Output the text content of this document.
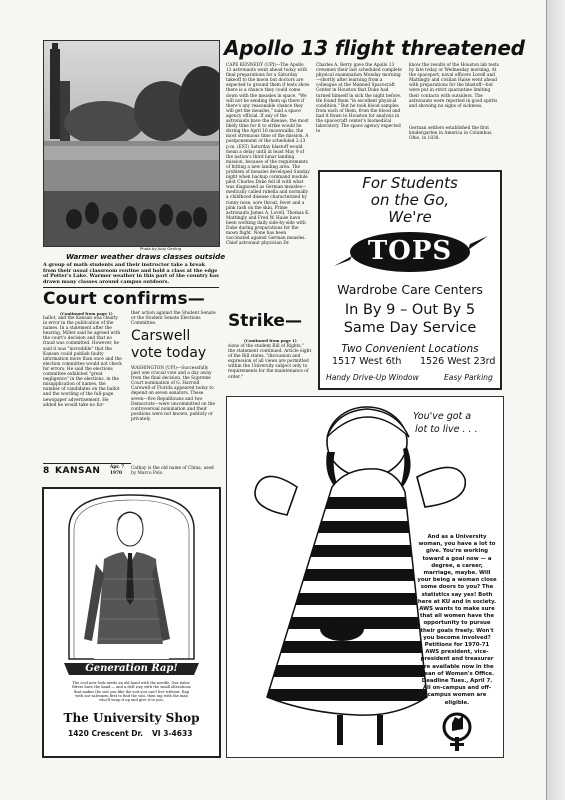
Photo by Judy Gerling
Warmer weather draws classes outside
A group of math students and their instructor take a break from their usual classroom routine and hold a class at the edge of Potter's Lake. Warmer weather in this part of the country has drawn many classes around campus outdoors.
Apollo 13 flight threatened
CAPE KENNEDY (UPI)—The Apollo 13 astronauts went ahead today with final preparations for a Saturday takeoff to the moon but doctors are expected to ground them if tests show there is a chance they could come down with the measles in space. "We will not be sending them up there if there's any reasonable chance they will get the measles," said a space agency official. If any of the astronauts have the disease, the most likely time for it to strike would be during the April 16 moonwalks, the most strenuous time of the mission. A postponement of the scheduled 2:13 p.m. (EST) Saturday blastoff would mean a delay until at least May 9 of the nation's third lunar landing mission, because of the requirements of hitting a new landing area. The problem of measles developed Sunday night when backup command module pilot Charles Duke fell ill with what was diagnosed as German measles—medically called rubella and normally a childhood disease characterized by runny nose, sore throat, fever and a pink rash on the skin. Prime astronauts James A. Lovell, Thomas K. Mattingly and Fred W. Haise have been working daily side-by-side with Duke during preparations for the moon flight. None has been vaccinated against German measles. Chief astronaut physician Dr.
Charles A. Berry gave the Apollo 13 crewmen their last scheduled complete physical examination Monday morning—shortly after learning from a colleague at the Manned Spacecraft Center in Houston that Duke had turned himself in sick the night before. He found them "in excellent physical condition." But he took blood samples from each of them, from the blood and had it flown to Houston for analysis in the spacecraft center's biomedical laboratory. The space agency expected to
know the results of the Houston lab tests by late today or Wednesday morning. At the spaceport, naval officers Lovell and Mattingly and civilian Haise went ahead with preparations for the blastoff—but were put in strict quarantine limiting their contacts with outsiders. The astronauts were reported in good spirits and showing no signs of sickness.
German settlers established the first kindergarten in America in Columbus, Ohio, in 1838.
For Students
on the Go,
We're
TOPS
Wardrobe Care Centers
In By 9 – Out By 5
Same Day Service
Two Convenient Locations
1517 West 6th 1526 West 23rd
Handy Drive-Up Window	Easy Parking
Court confirms—
(Continued from page 1)
ballot, and the Kansan was clearly in error in the publication of the names. In a statement after the hearing, Miller said he agreed with the court's decision and that no fraud was committed. However, he said it was "incredible" that the Kansan could publish faulty information more than once and the election committee would not check for errors. He said the elections committee exhibited "great negligence" in the elections, in the misapplication of names, the number of candidates on the ballot and the wording of the full-page newspaper advertisement. He added he would take no fur-
ther action against the Student Senate or the Student Senate Elections Committee.
Carswell
vote today
WASHINGTON (UPI)—Successfully past one crucial vote and a day away from the final decision, the Supreme Court nomination of G. Harrold Carswell of Florida appeared today to depend on seven senators. These seven—five Republicans and two Democrats—were uncommitted on the controversial nomination and their positions were not known, publicly or privately.
Strike—
(Continued from page 1)
sions of the student Bill of Rights," the statement continued. Article eight of the Bill states, "discussion and expression of all views are permitted within the University subject only to requirements for the maintenance of order."
8 KANSAN Apr. 7
1970
Cathay is the old name of China, used by Marco Polo.
Generation Rap!
The cool new look needs an old hand with the needle. Our tailor-fitters have the hand — and a deft way with the small alterations that makes the suit you like the suit you can't live without. Rap with our salesmen first to find the suit, then rap with the man who'll wrap it up and give it to you.
The University Shop
1420 Crescent Dr. VI 3-4633
You've got a
lot to live . . .
And as a University woman, you have a lot to give. You're working toward a goal now — a degree, a career, marriage, maybe. Will your being a woman close some doors to you? The statistics say yes! Both here at KU and in society. AWS wants to make sure that all women have the opportunity to pursue their goals freely. Won't you become involved? Petitions for 1970-71 AWS president, vice-president and treasurer are available now in the Dean of Women's Office. Deadline Tues., April 7. All on-campus and off-campus women are eligible.
